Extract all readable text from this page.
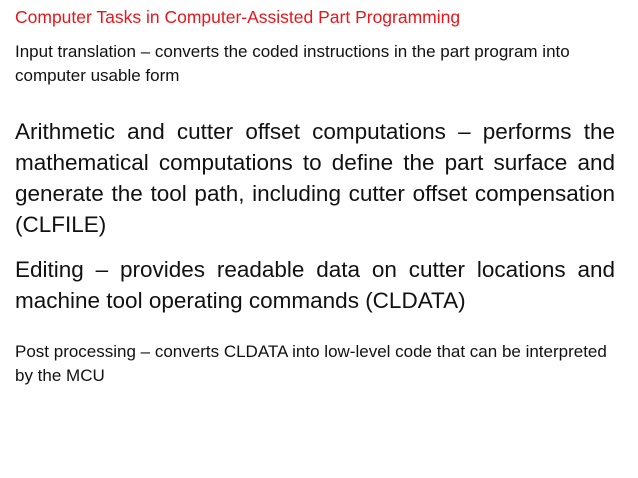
Computer Tasks in Computer-Assisted Part Programming

Input translation – converts the coded instructions in the part program into computer usable form

Arithmetic and cutter offset computations – performs the mathematical computations to define the part surface and generate the tool path, including cutter offset compensation (CLFILE)

Editing – provides readable data on cutter locations and machine tool operating commands (CLDATA)

Post processing – converts CLDATA into low-level code that can be interpreted by the MCU
